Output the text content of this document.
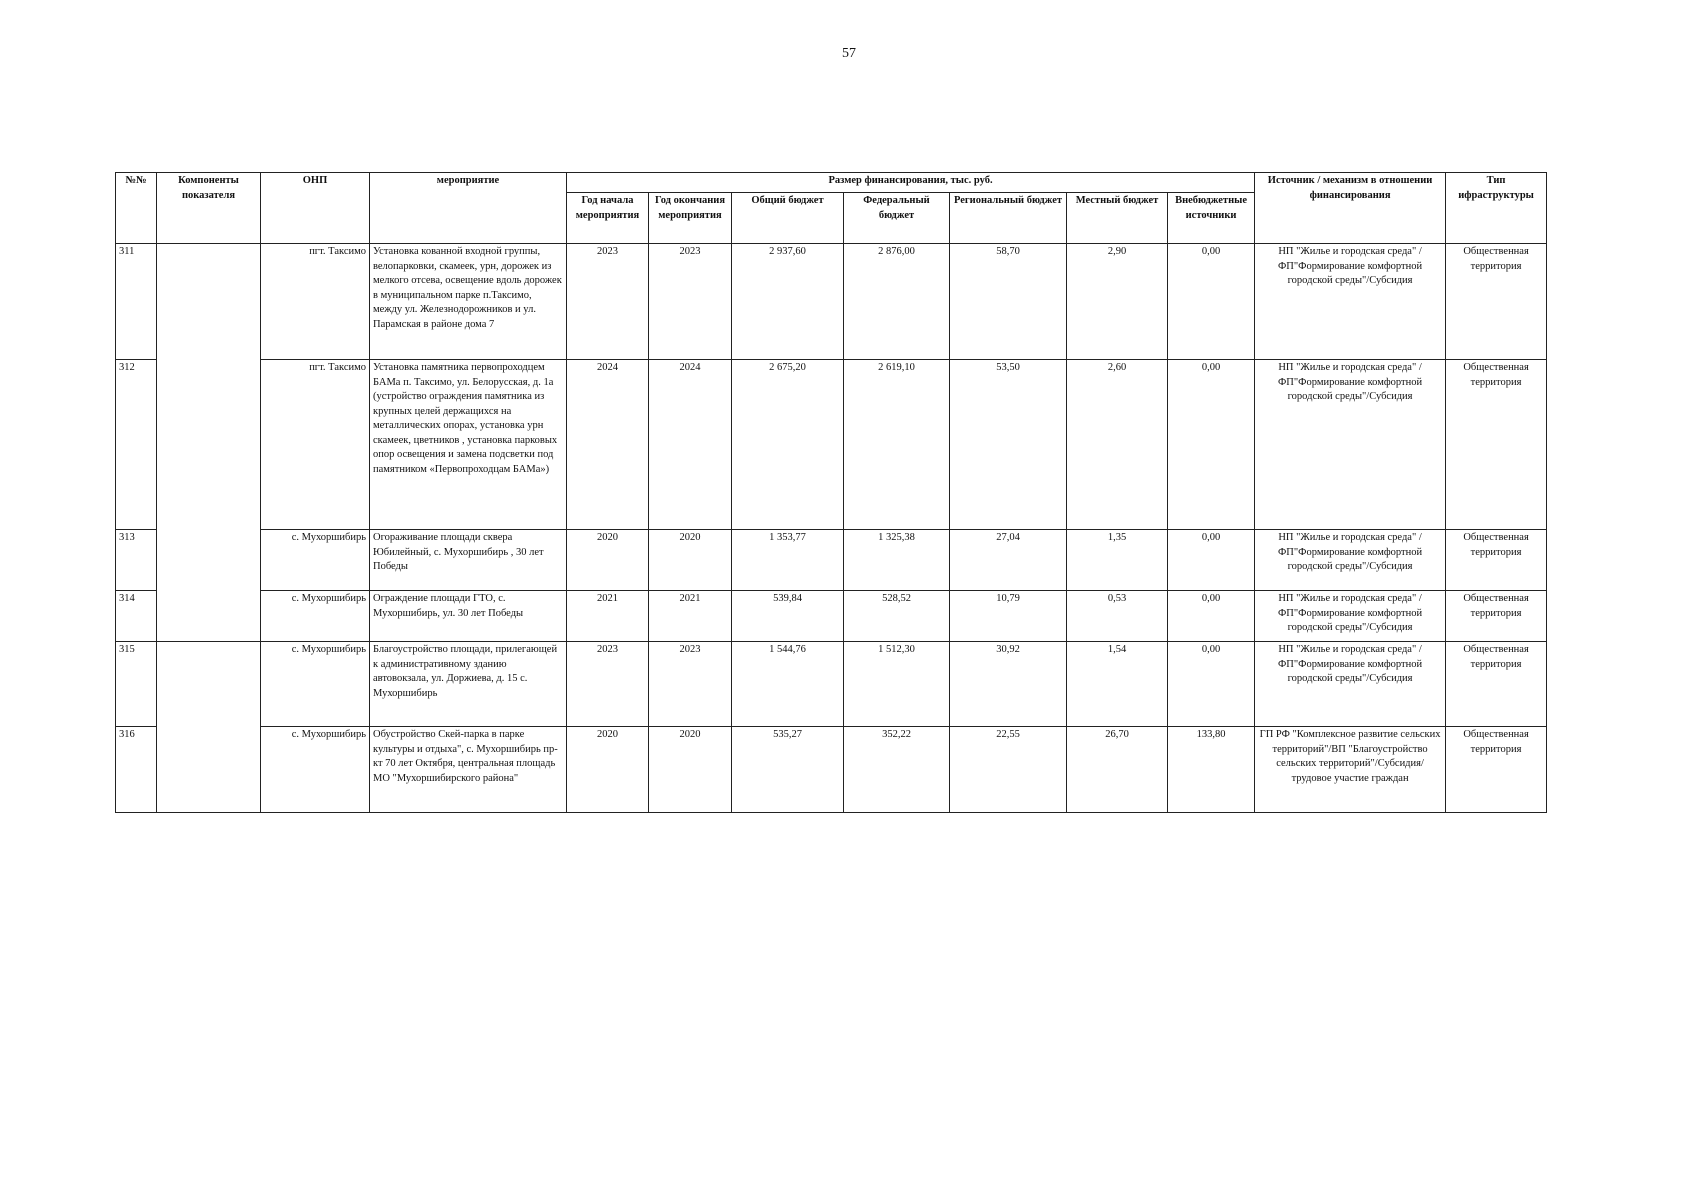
57
№№	Компоненты показателя	ОНП	мероприятие	Размер финансирования, тыс. руб.							Источник / механизм в отношении финансирования	Тип ифраструктуры
				Год начала мероприятия	Год окончания мероприятия	Общий бюджет	Федеральный бюджет	Региональный бюджет	Местный бюджет	Внебюджетные источники		
311		пгт. Таксимо	Установка кованной входной группы, велопарковки, скамеек, урн, дорожек из мелкого отсева, освещение вдоль дорожек в муниципальном парке п.Таксимо, между ул. Железнодорожников и ул. Парамская в районе дома 7	2023	2023	2 937,60	2 876,00	58,70	2,90	0,00	НП "Жилье и городская среда" /ФП"Формирование комфортной городской среды"/Субсидия	Общественная территория
312		пгт. Таксимо	Установка памятника первопроходцем БАМа п. Таксимо, ул. Белорусская, д. 1а (устройство ограждения памятника из крупных целей держащихся на металлических опорах, установка урн скамеек, цветников , установка парковых опор освещения и замена подсветки под памятником «Первопроходцам БАМа»)	2024	2024	2 675,20	2 619,10	53,50	2,60	0,00	НП "Жилье и городская среда" /ФП"Формирование комфортной городской среды"/Субсидия	Общественная территория
313		с. Мухоршибирь	Огораживание площади сквера Юбилейный, с. Мухоршибирь , 30 лет Победы	2020	2020	1 353,77	1 325,38	27,04	1,35	0,00	НП "Жилье и городская среда" /ФП"Формирование комфортной городской среды"/Субсидия	Общественная территория
314		с. Мухоршибирь	Ограждение площади ГТО, с. Мухоршибирь, ул. 30 лет Победы	2021	2021	539,84	528,52	10,79	0,53	0,00	НП "Жилье и городская среда" /ФП"Формирование комфортной городской среды"/Субсидия	Общественная территория
315		с. Мухоршибирь	Благоустройство площади, прилегающей к административному зданию автовокзала, ул. Доржиева, д. 15 с. Мухоршибирь	2023	2023	1 544,76	1 512,30	30,92	1,54	0,00	НП "Жилье и городская среда" /ФП"Формирование комфортной городской среды"/Субсидия	Общественная территория
316		с. Мухоршибирь	Обустройство Скей-парка в парке культуры и отдыха", с. Мухоршибирь пр-кт 70 лет Октября, центральная площадь МО "Мухоршибирского района"	2020	2020	535,27	352,22	22,55	26,70	133,80	ГП РФ "Комплексное развитие сельских территорий"/ВП "Благоустройство сельских территорий"/Субсидия/трудовое участие граждан	Общественная территория
